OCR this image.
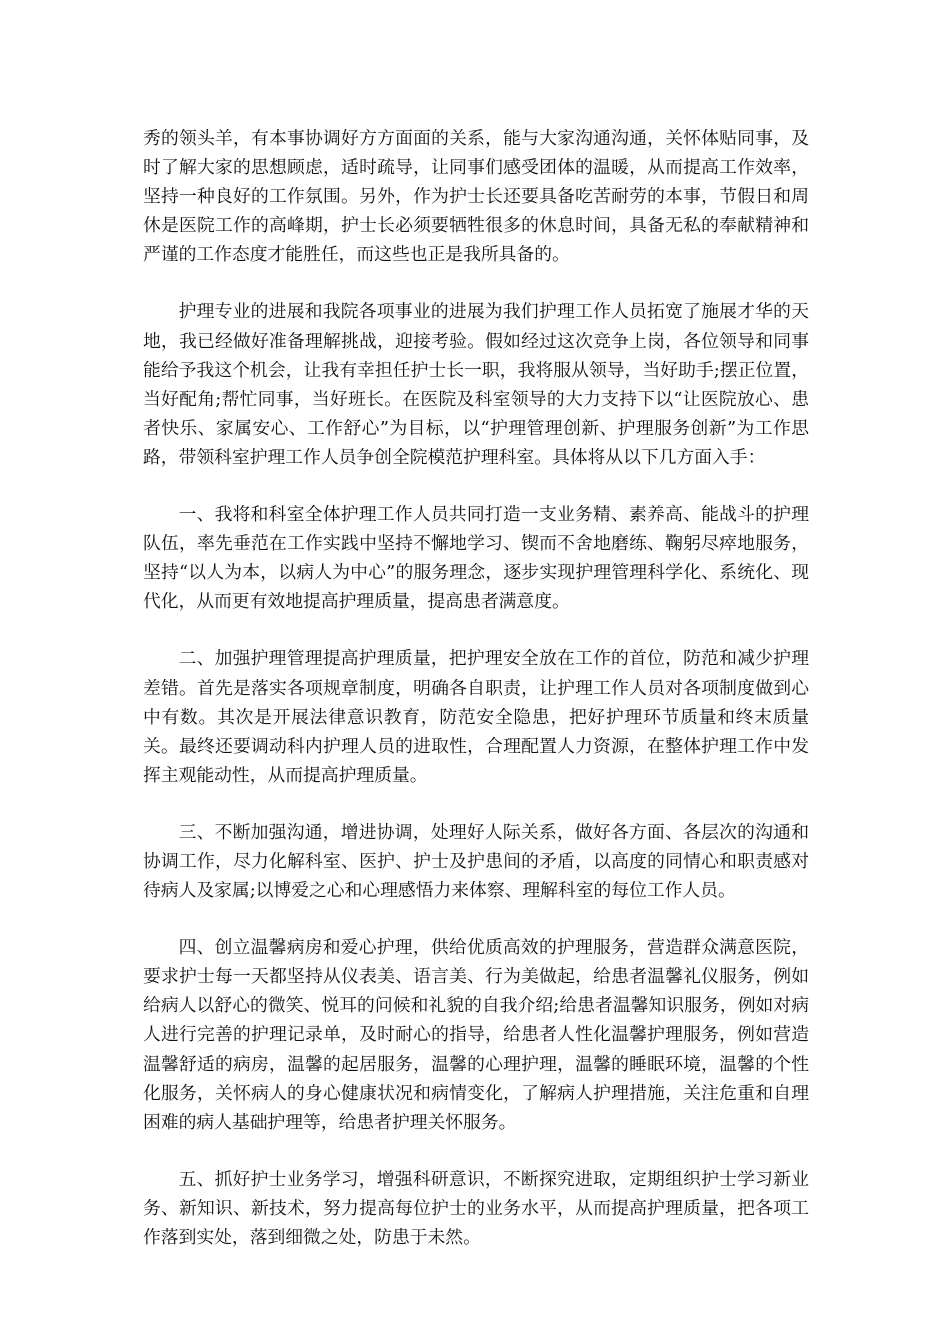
秀的领头羊，有本事协调好方方面面的关系，能与大家沟通沟通，关怀体贴同事，及时了解大家的思想顾虑，适时疏导，让同事们感受团体的温暖，从而提高工作效率，坚持一种良好的工作氛围。另外，作为护士长还要具备吃苦耐劳的本事，节假日和周休是医院工作的高峰期，护士长必须要牺牲很多的休息时间，具备无私的奉献精神和严谨的工作态度才能胜任，而这些也正是我所具备的。

护理专业的进展和我院各项事业的进展为我们护理工作人员拓宽了施展才华的天地，我已经做好准备理解挑战，迎接考验。假如经过这次竞争上岗，各位领导和同事能给予我这个机会，让我有幸担任护士长一职，我将服从领导，当好助手;摆正位置，当好配角;帮忙同事，当好班长。在医院及科室领导的大力支持下以“让医院放心、患者快乐、家属安心、工作舒心”为目标，以“护理管理创新、护理服务创新”为工作思路，带领科室护理工作人员争创全院模范护理科室。具体将从以下几方面入手：

一、我将和科室全体护理工作人员共同打造一支业务精、素养高、能战斗的护理队伍，率先垂范在工作实践中坚持不懈地学习、锲而不舍地磨练、鞠躬尽瘁地服务，坚持“以人为本，以病人为中心”的服务理念，逐步实现护理管理科学化、系统化、现代化，从而更有效地提高护理质量，提高患者满意度。

二、加强护理管理提高护理质量，把护理安全放在工作的首位，防范和减少护理差错。首先是落实各项规章制度，明确各自职责，让护理工作人员对各项制度做到心中有数。其次是开展法律意识教育，防范安全隐患，把好护理环节质量和终末质量关。最终还要调动科内护理人员的进取性，合理配置人力资源，在整体护理工作中发挥主观能动性，从而提高护理质量。

三、不断加强沟通，增进协调，处理好人际关系，做好各方面、各层次的沟通和协调工作，尽力化解科室、医护、护士及护患间的矛盾，以高度的同情心和职责感对待病人及家属;以博爱之心和心理感悟力来体察、理解科室的每位工作人员。

四、创立温馨病房和爱心护理，供给优质高效的护理服务，营造群众满意医院，要求护士每一天都坚持从仪表美、语言美、行为美做起，给患者温馨礼仪服务，例如给病人以舒心的微笑、悦耳的问候和礼貌的自我介绍;给患者温馨知识服务，例如对病人进行完善的护理记录单，及时耐心的指导，给患者人性化温馨护理服务，例如营造温馨舒适的病房，温馨的起居服务，温馨的心理护理，温馨的睡眠环境，温馨的个性化服务，关怀病人的身心健康状况和病情变化，了解病人护理措施，关注危重和自理困难的病人基础护理等，给患者护理关怀服务。

五、抓好护士业务学习，增强科研意识，不断探究进取，定期组织护士学习新业务、新知识、新技术，努力提高每位护士的业务水平，从而提高护理质量，把各项工作落到实处，落到细微之处，防患于未然。
